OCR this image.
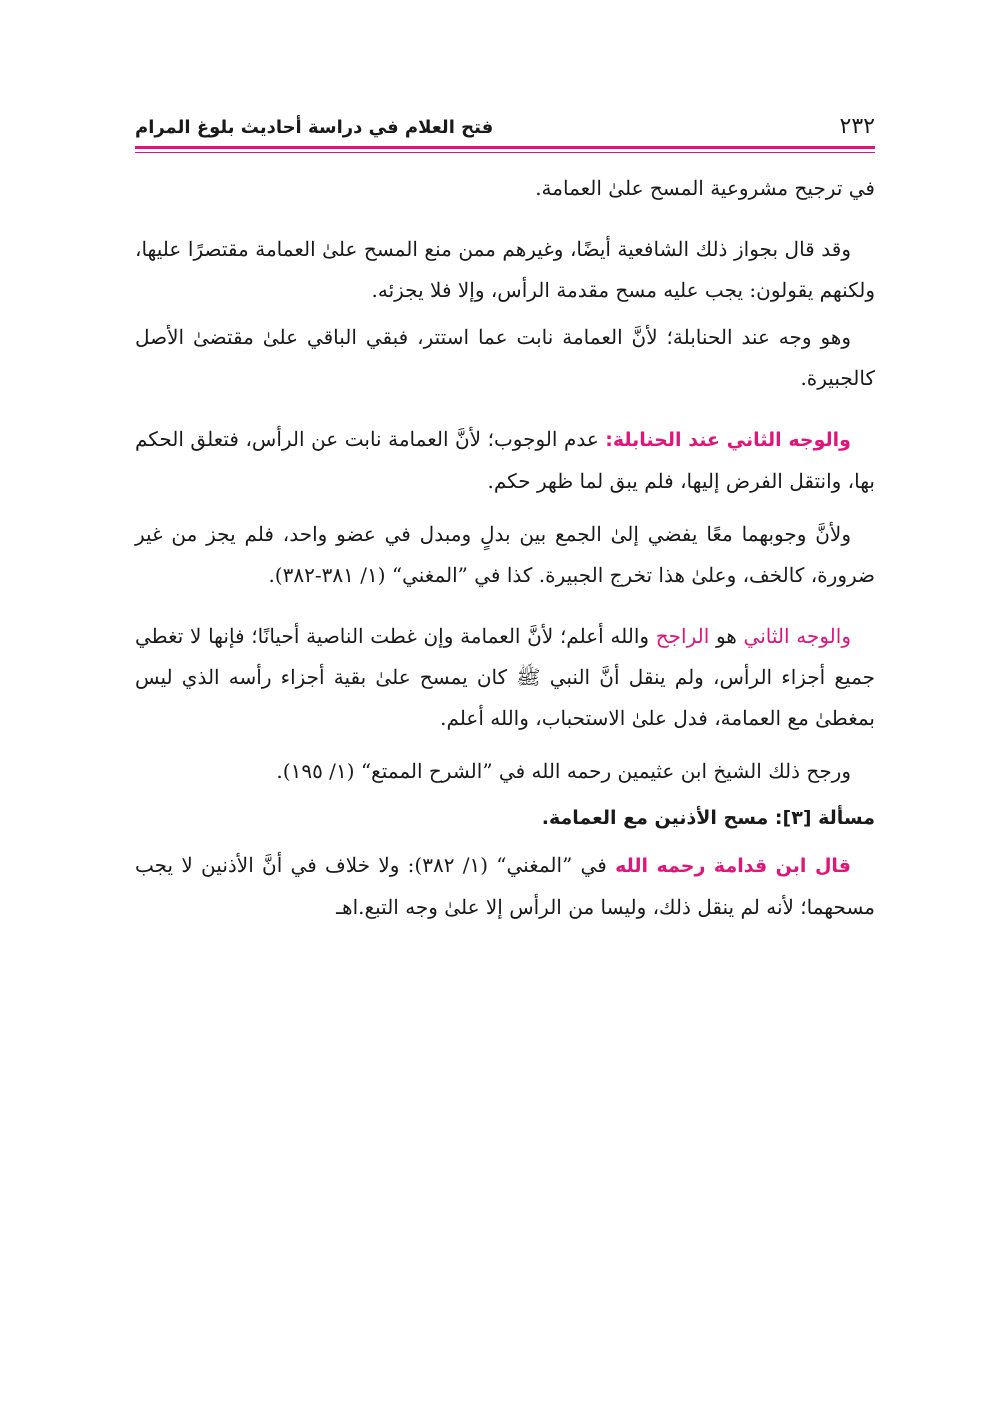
٢٣٢
فتح العلام في دراسة أحاديث بلوغ المرام

في ترجيح مشروعية المسح علىٰ العمامة.

وقد قال بجواز ذلك الشافعية أيضًا، وغيرهم ممن منع المسح علىٰ العمامة مقتصرًا عليها، ولكنهم يقولون: يجب عليه مسح مقدمة الرأس، وإلا فلا يجزئه.

وهو وجه عند الحنابلة؛ لأنَّ العمامة نابت عما استتر، فبقي الباقي علىٰ مقتضىٰ الأصل كالجبيرة.

والوجه الثاني عند الحنابلة: عدم الوجوب؛ لأنَّ العمامة نابت عن الرأس، فتعلق الحكم بها، وانتقل الفرض إليها، فلم يبق لما ظهر حكم.

ولأنَّ وجوبهما معًا يفضي إلىٰ الجمع بين بدلٍ ومبدل في عضو واحد، فلم يجز من غير ضرورة، كالخف، وعلىٰ هذا تخرج الجبيرة. كذا في ”المغني“ (١/ ٣٨١-٣٨٢).

والوجه الثاني هو الراجح والله أعلم؛ لأنَّ العمامة وإن غطت الناصية أحيانًا؛ فإنها لا تغطي جميع أجزاء الرأس، ولم ينقل أنَّ النبي ﷺ كان يمسح علىٰ بقية أجزاء رأسه الذي ليس بمغطىٰ مع العمامة، فدل علىٰ الاستحباب، والله أعلم.

ورجح ذلك الشيخ ابن عثيمين رحمه الله في ”الشرح الممتع“ (١/ ١٩٥).

مسألة [٣]: مسح الأذنين مع العمامة.

قال ابن قدامة رحمه الله في ”المغني“ (١/ ٣٨٢): ولا خلاف في أنَّ الأذنين لا يجب مسحهما؛ لأنه لم ينقل ذلك، وليسا من الرأس إلا علىٰ وجه التبع.اهـ
